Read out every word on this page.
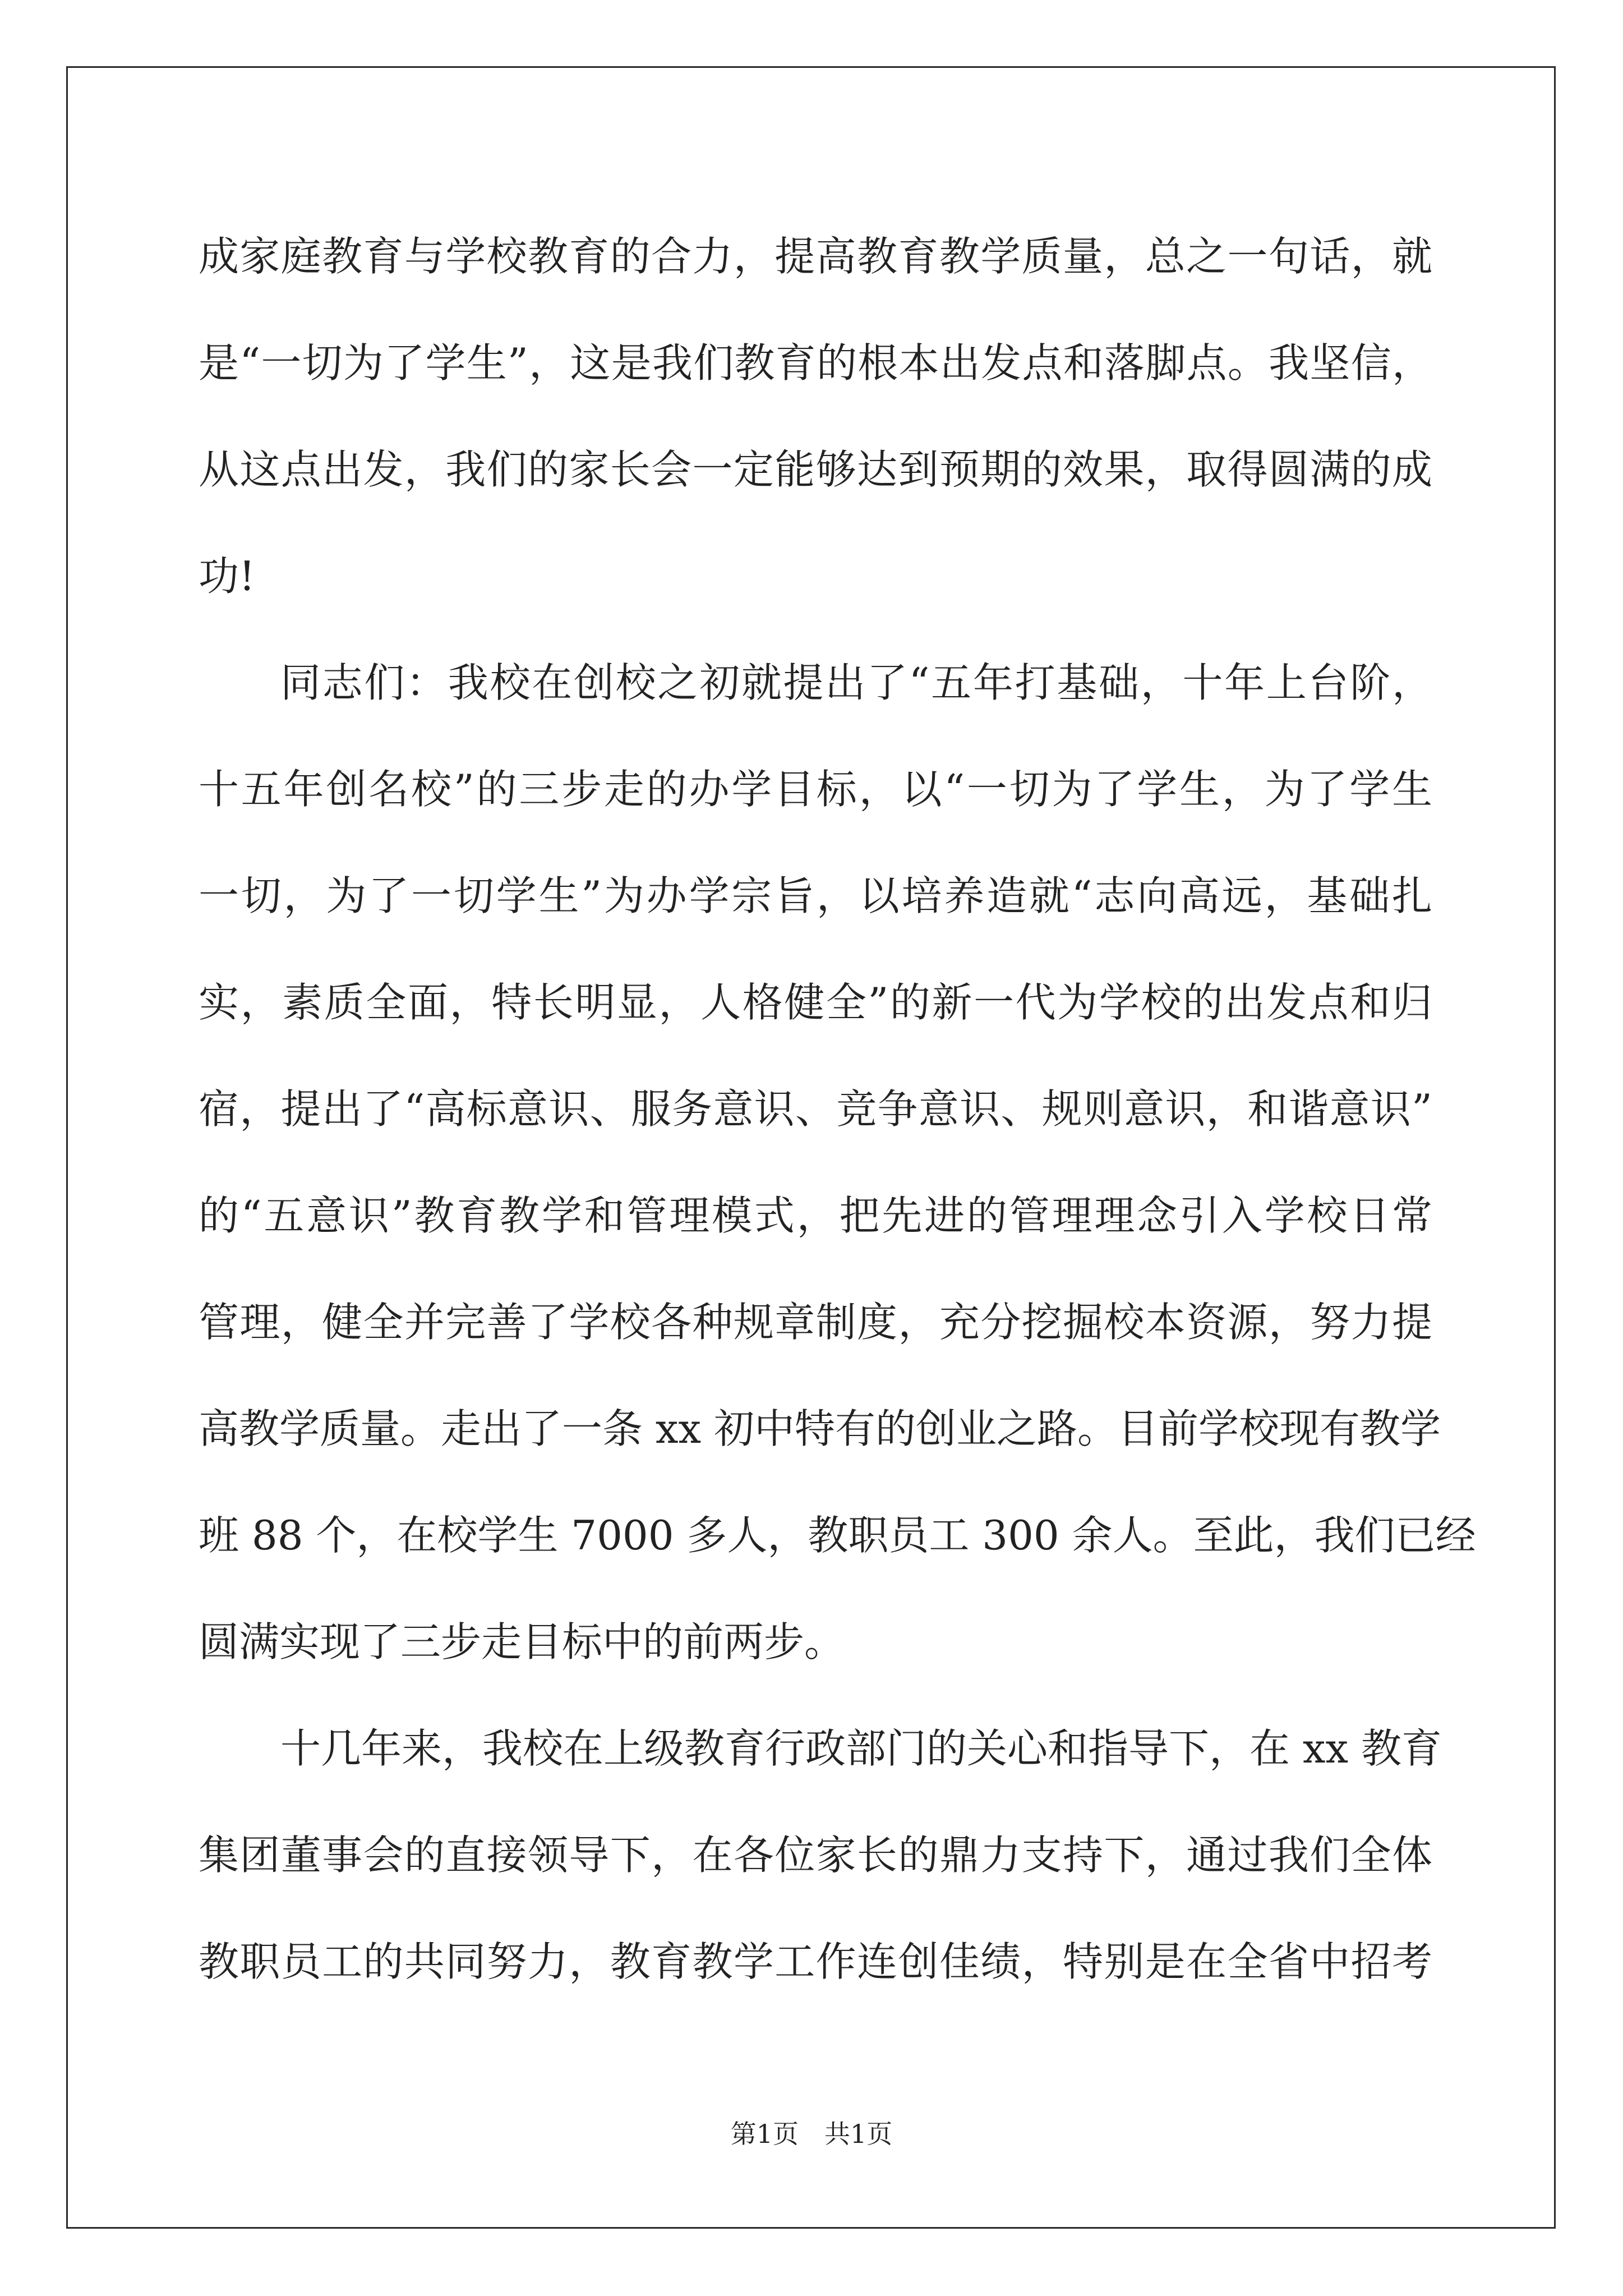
成家庭教育与学校教育的合力，提高教育教学质量，总之一句话，就
是“一切为了学生”，这是我们教育的根本出发点和落脚点。我坚信，
从这点出发，我们的家长会一定能够达到预期的效果，取得圆满的成
功!
同志们：我校在创校之初就提出了“五年打基础，十年上台阶，
十五年创名校”的三步走的办学目标，以“一切为了学生，为了学生
一切，为了一切学生”为办学宗旨，以培养造就“志向高远，基础扎
实，素质全面，特长明显，人格健全”的新一代为学校的出发点和归
宿，提出了“高标意识、服务意识、竞争意识、规则意识，和谐意识”
的“五意识”教育教学和管理模式，把先进的管理理念引入学校日常
管理，健全并完善了学校各种规章制度，充分挖掘校本资源，努力提
高教学质量。走出了一条 xx 初中特有的创业之路。目前学校现有教学
班 88 个，在校学生 7000 多人，教职员工 300 余人。至此，我们已经
圆满实现了三步走目标中的前两步。
十几年来，我校在上级教育行政部门的关心和指导下，在 xx 教育
集团董事会的直接领导下，在各位家长的鼎力支持下，通过我们全体
教职员工的共同努力，教育教学工作连创佳绩，特别是在全省中招考
第1页　共1页
